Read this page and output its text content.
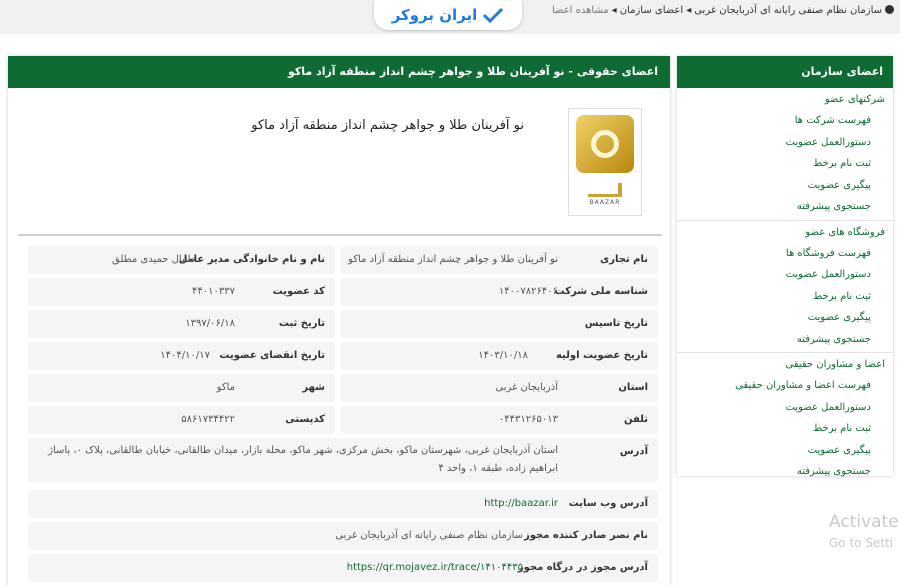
ایران بروکر	سازمان نظام صنفی رایانه ای آذربایجان غربی◂اعضای سازمان◂مشاهده اعضا
اعضای حقوقی - نو آفرینان طلا و جواهر چشم انداز منطقه آزاد ماکو
BAAZAR
نو آفرینان طلا و جواهر چشم انداز منطقه آزاد ماکو
نام تجاری
نو آفرینان طلا و جواهر چشم انداز منطقه آزاد ماکو
نام و نام خانوادگی مدیر عامل
دانیال حمیدی مطلق
شناسه ملی شرکت
۱۴۰۰۷۸۲۶۴۰۶
کد عضویت
۴۴۰۱۰۳۳۷
تاریخ تاسیس
تاریخ ثبت
۱۳۹۷/۰۶/۱۸
تاریخ عضویت اولیه
۱۴۰۳/۱۰/۱۸
تاریخ انقضای عضویت
۱۴۰۴/۱۰/۱۷
استان
آذربایجان غربی
شهر
ماکو
تلفن
۰۴۴۳۱۲۶۵۰۱۳
کدپستی
۵۸۶۱۷۳۴۴۲۲
آدرس
استان آذربایجان غربی، شهرستان ماکو، بخش مرکزی، شهر ماکو، محله بازار، میدان طالقانی، خیابان طالقانی، پلاک ۰، پاساژ ابراهیم زاده، طبقه ۱، واحد ۴
آدرس وب سایت
http://baazar.ir
نام نصر صادر کننده مجوز
سازمان نظام صنفی رایانه ای آذربایجان غربی
آدرس مجوز در درگاه مجوز
https://qr.mojavez.ir/trace/۱۴۱۰۴۴۳۵
اعضای سازمان
شرکتهای عضو
فهرست شرکت ها
دستورالعمل عضویت
ثبت نام برخط
پیگیری عضویت
جستجوی پیشرفته
فروشگاه های عضو
فهرست فروشگاه ها
دستورالعمل عضویت
ثبت نام برخط
پیگیری عضویت
جستجوی پیشرفته
اعضا و مشاوران حقیقی
فهرست اعضا و مشاوران حقیقی
دستورالعمل عضویت
ثبت نام برخط
پیگیری عضویت
جستجوی پیشرفته
Activate
Go to Setti
